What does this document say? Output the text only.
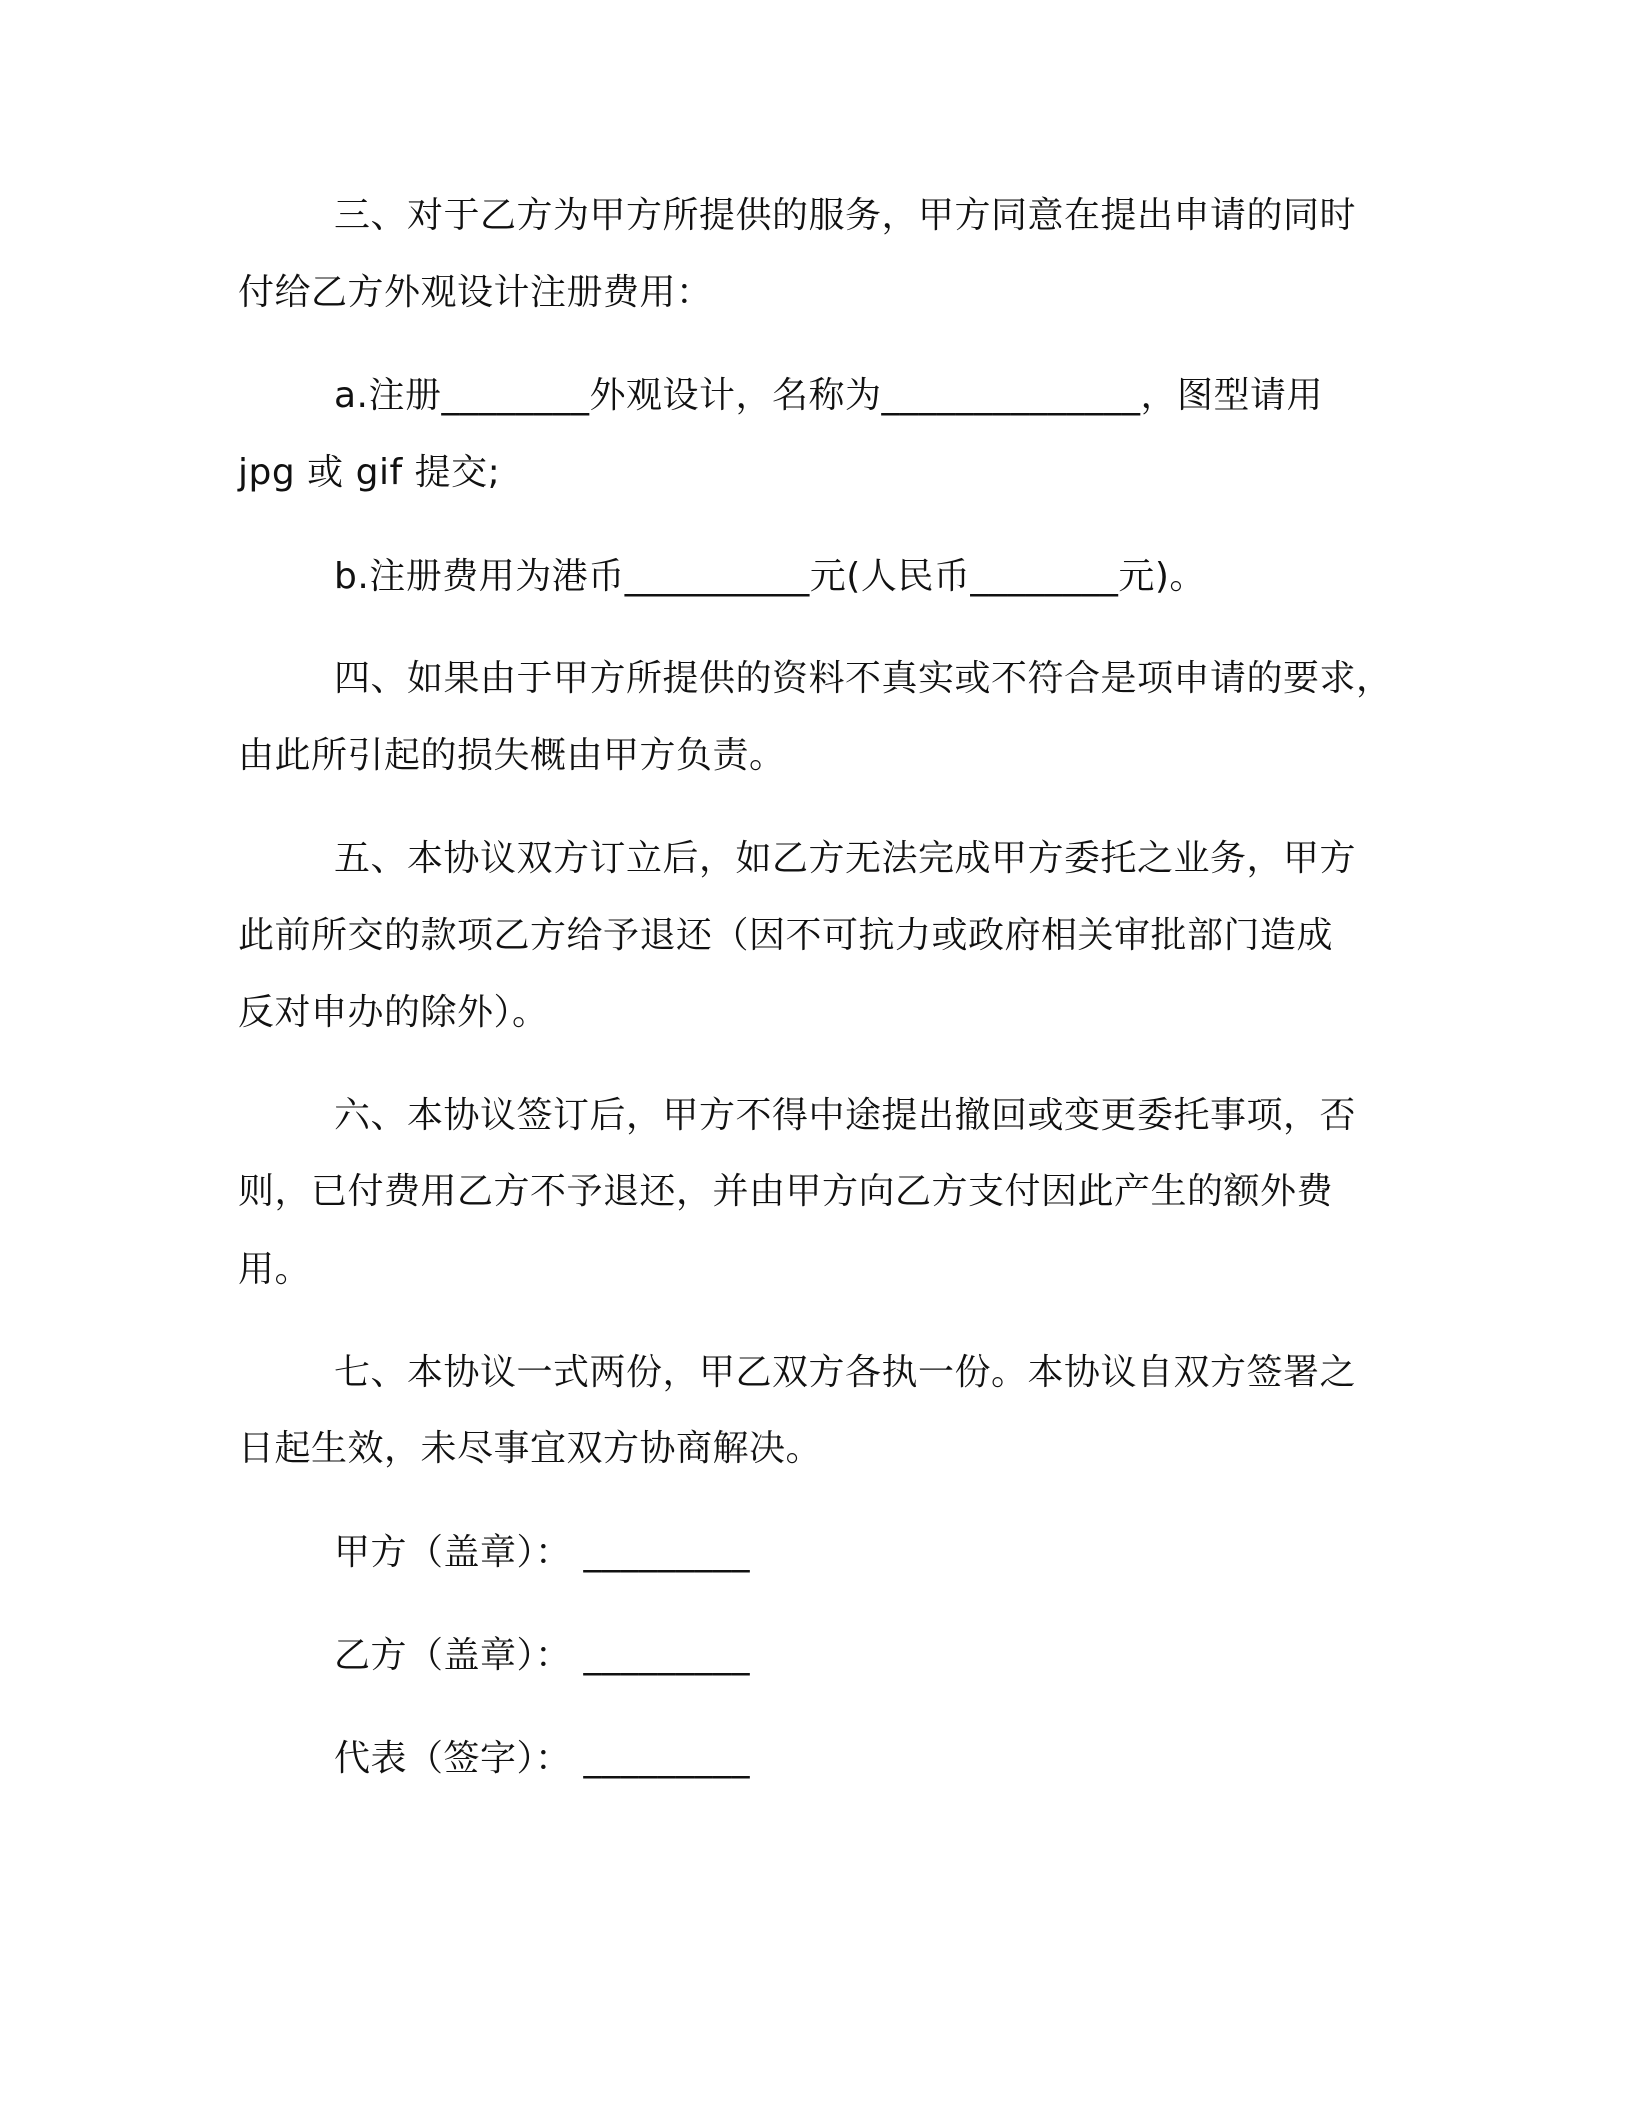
三、对于乙方为甲方所提供的服务，甲方同意在提出申请的同时
付给乙方外观设计注册费用：
a.注册________外观设计，名称为______________，图型请用
jpg 或 gif 提交;
b.注册费用为港币__________元(人民币________元)。
四、如果由于甲方所提供的资料不真实或不符合是项申请的要求，
由此所引起的损失概由甲方负责。
五、本协议双方订立后，如乙方无法完成甲方委托之业务，甲方
此前所交的款项乙方给予退还（因不可抗力或政府相关审批部门造成
反对申办的除外）。
六、本协议签订后，甲方不得中途提出撤回或变更委托事项，否
则，已付费用乙方不予退还，并由甲方向乙方支付因此产生的额外费
用。
七、本协议一式两份，甲乙双方各执一份。本协议自双方签署之
日起生效，未尽事宜双方协商解决。
甲方（盖章）： _________
乙方（盖章）： _________
代表（签字）： _________
